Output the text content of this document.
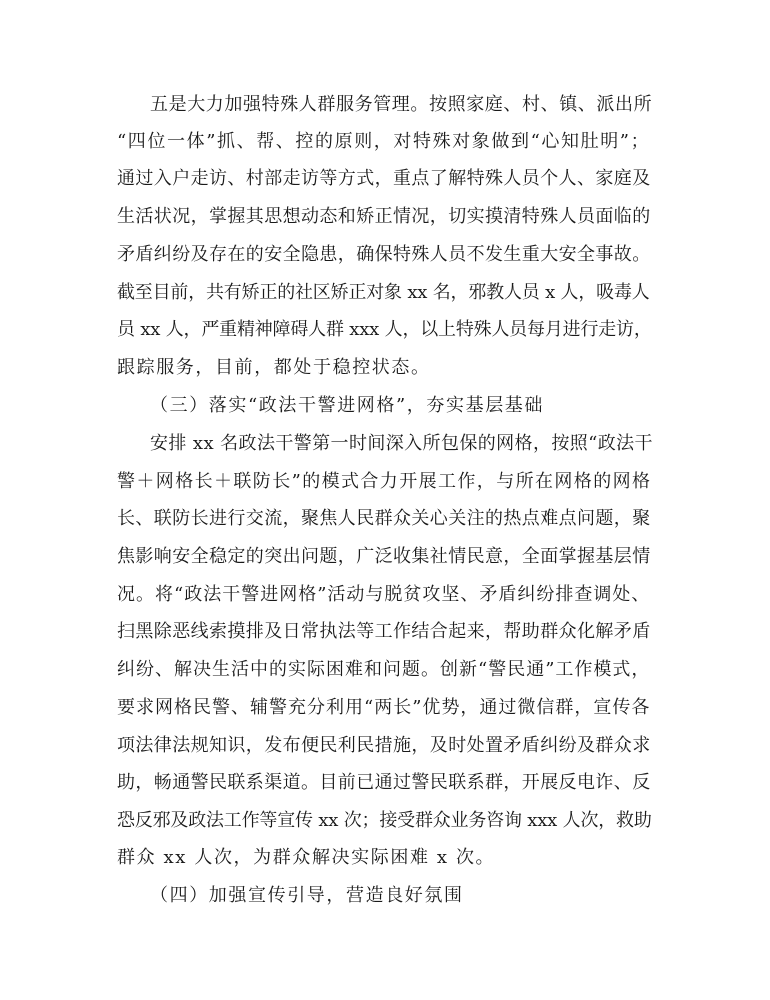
五是大力加强特殊人群服务管理。按照家庭、村、镇、派出所
“四位一体”抓、帮、控的原则，对特殊对象做到“心知肚明”；
通过入户走访、村部走访等方式，重点了解特殊人员个人、家庭及
生活状况，掌握其思想动态和矫正情况，切实摸清特殊人员面临的
矛盾纠纷及存在的安全隐患，确保特殊人员不发生重大安全事故。
截至目前，共有矫正的社区矫正对象 xx 名，邪教人员 x 人，吸毒人
员 xx 人，严重精神障碍人群 xxx 人，以上特殊人员每月进行走访，
跟踪服务，目前，都处于稳控状态。
（三）落实“政法干警进网格”，夯实基层基础
安排 xx 名政法干警第一时间深入所包保的网格，按照“政法干
警＋网格长＋联防长”的模式合力开展工作，与所在网格的网格
长、联防长进行交流，聚焦人民群众关心关注的热点难点问题，聚
焦影响安全稳定的突出问题，广泛收集社情民意，全面掌握基层情
况。将“政法干警进网格”活动与脱贫攻坚、矛盾纠纷排查调处、
扫黑除恶线索摸排及日常执法等工作结合起来，帮助群众化解矛盾
纠纷、解决生活中的实际困难和问题。创新“警民通”工作模式，
要求网格民警、辅警充分利用“两长”优势，通过微信群，宣传各
项法律法规知识，发布便民利民措施，及时处置矛盾纠纷及群众求
助，畅通警民联系渠道。目前已通过警民联系群，开展反电诈、反
恐反邪及政法工作等宣传 xx 次；接受群众业务咨询 xxx 人次，救助
群众 xx 人次，为群众解决实际困难 x 次。
（四）加强宣传引导，营造良好氛围
